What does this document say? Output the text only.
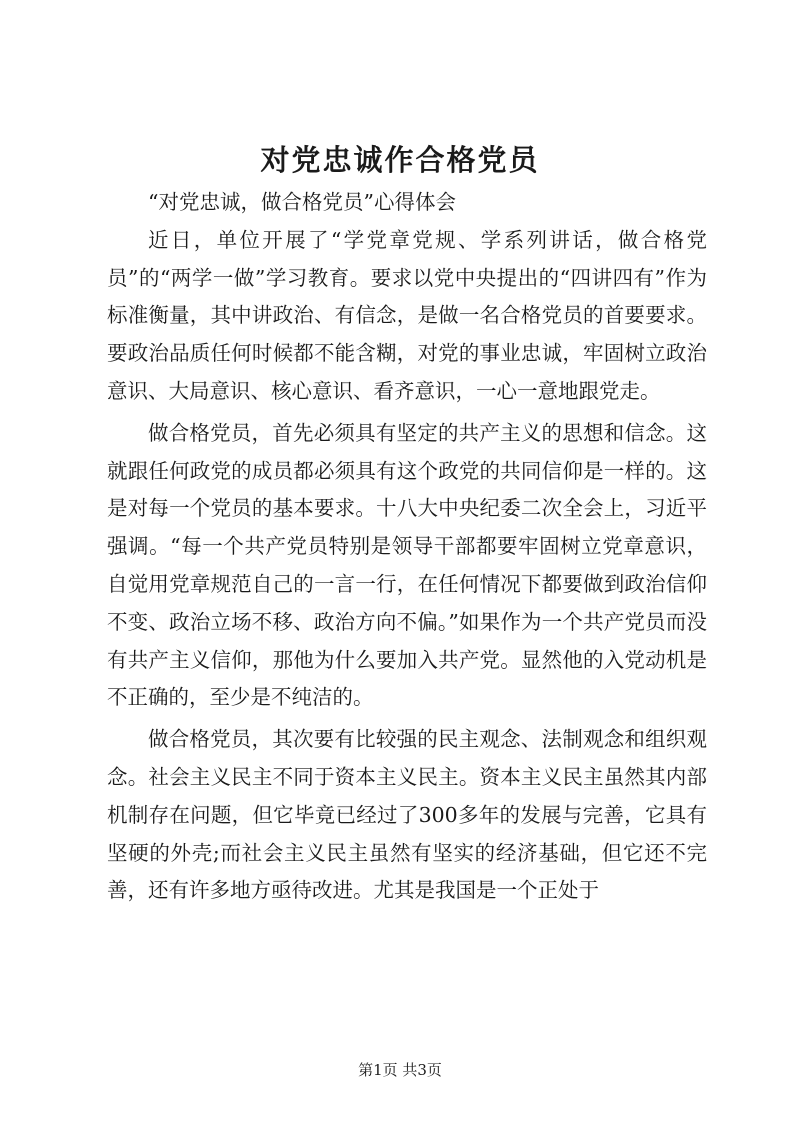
对党忠诚作合格党员

“对党忠诚，做合格党员”心得体会

近日，单位开展了“学党章党规、学系列讲话，做合格党员”的“两学一做”学习教育。要求以党中央提出的“四讲四有”作为标准衡量，其中讲政治、有信念，是做一名合格党员的首要要求。要政治品质任何时候都不能含糊，对党的事业忠诚，牢固树立政治意识、大局意识、核心意识、看齐意识，一心一意地跟党走。

做合格党员，首先必须具有坚定的共产主义的思想和信念。这就跟任何政党的成员都必须具有这个政党的共同信仰是一样的。这是对每一个党员的基本要求。十八大中央纪委二次全会上，习近平强调。“每一个共产党员特别是领导干部都要牢固树立党章意识，自觉用党章规范自己的一言一行，在任何情况下都要做到政治信仰不变、政治立场不移、政治方向不偏。”如果作为一个共产党员而没有共产主义信仰，那他为什么要加入共产党。显然他的入党动机是不正确的，至少是不纯洁的。

做合格党员，其次要有比较强的民主观念、法制观念和组织观念。社会主义民主不同于资本主义民主。资本主义民主虽然其内部机制存在问题，但它毕竟已经过了300多年的发展与完善，它具有坚硬的外壳;而社会主义民主虽然有坚实的经济基础，但它还不完善，还有许多地方亟待改进。尤其是我国是一个正处于

第1页 共3页
